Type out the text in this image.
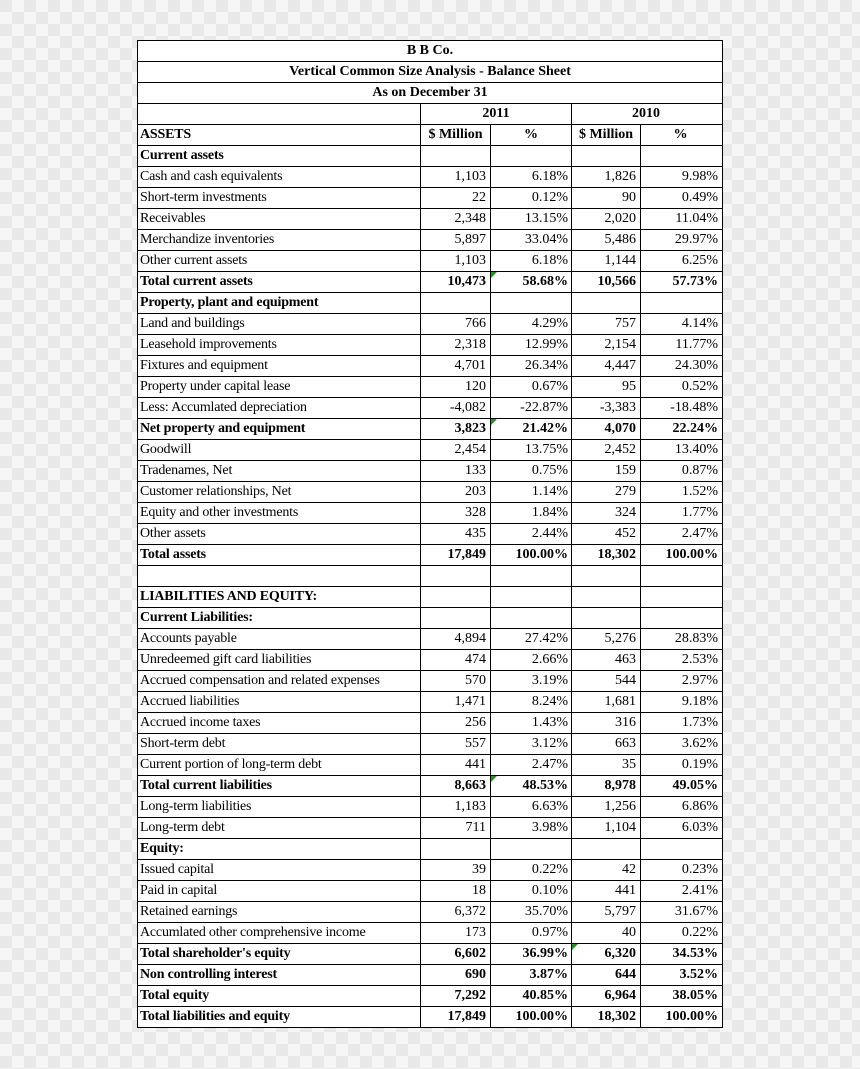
B B Co.
Vertical Common Size Analysis - Balance Sheet
As on December 31
2011	2010
ASSETS	$ Million	%	$ Million	%
Current assets
Cash and cash equivalents	1,103	6.18%	1,826	9.98%
Short-term investments	22	0.12%	90	0.49%
Receivables	2,348	13.15%	2,020	11.04%
Merchandize inventories	5,897	33.04%	5,486	29.97%
Other current assets	1,103	6.18%	1,144	6.25%
Total current assets	10,473	58.68%	10,566	57.73%
Property, plant and equipment
Land and buildings	766	4.29%	757	4.14%
Leasehold improvements	2,318	12.99%	2,154	11.77%
Fixtures and equipment	4,701	26.34%	4,447	24.30%
Property under capital lease	120	0.67%	95	0.52%
Less: Accumlated depreciation	-4,082	-22.87%	-3,383	-18.48%
Net property and equipment	3,823	21.42%	4,070	22.24%
Goodwill	2,454	13.75%	2,452	13.40%
Tradenames, Net	133	0.75%	159	0.87%
Customer relationships, Net	203	1.14%	279	1.52%
Equity and other investments	328	1.84%	324	1.77%
Other assets	435	2.44%	452	2.47%
Total assets	17,849	100.00%	18,302	100.00%
LIABILITIES AND EQUITY:
Current Liabilities:
Accounts payable	4,894	27.42%	5,276	28.83%
Unredeemed gift card liabilities	474	2.66%	463	2.53%
Accrued compensation and related expenses	570	3.19%	544	2.97%
Accrued liabilities	1,471	8.24%	1,681	9.18%
Accrued income taxes	256	1.43%	316	1.73%
Short-term debt	557	3.12%	663	3.62%
Current portion of long-term debt	441	2.47%	35	0.19%
Total current liabilities	8,663	48.53%	8,978	49.05%
Long-term liabilities	1,183	6.63%	1,256	6.86%
Long-term debt	711	3.98%	1,104	6.03%
Equity:
Issued capital	39	0.22%	42	0.23%
Paid in capital	18	0.10%	441	2.41%
Retained earnings	6,372	35.70%	5,797	31.67%
Accumlated other comprehensive income	173	0.97%	40	0.22%
Total shareholder's equity	6,602	36.99%	6,320	34.53%
Non controlling interest	690	3.87%	644	3.52%
Total equity	7,292	40.85%	6,964	38.05%
Total liabilities and equity	17,849	100.00%	18,302	100.00%
